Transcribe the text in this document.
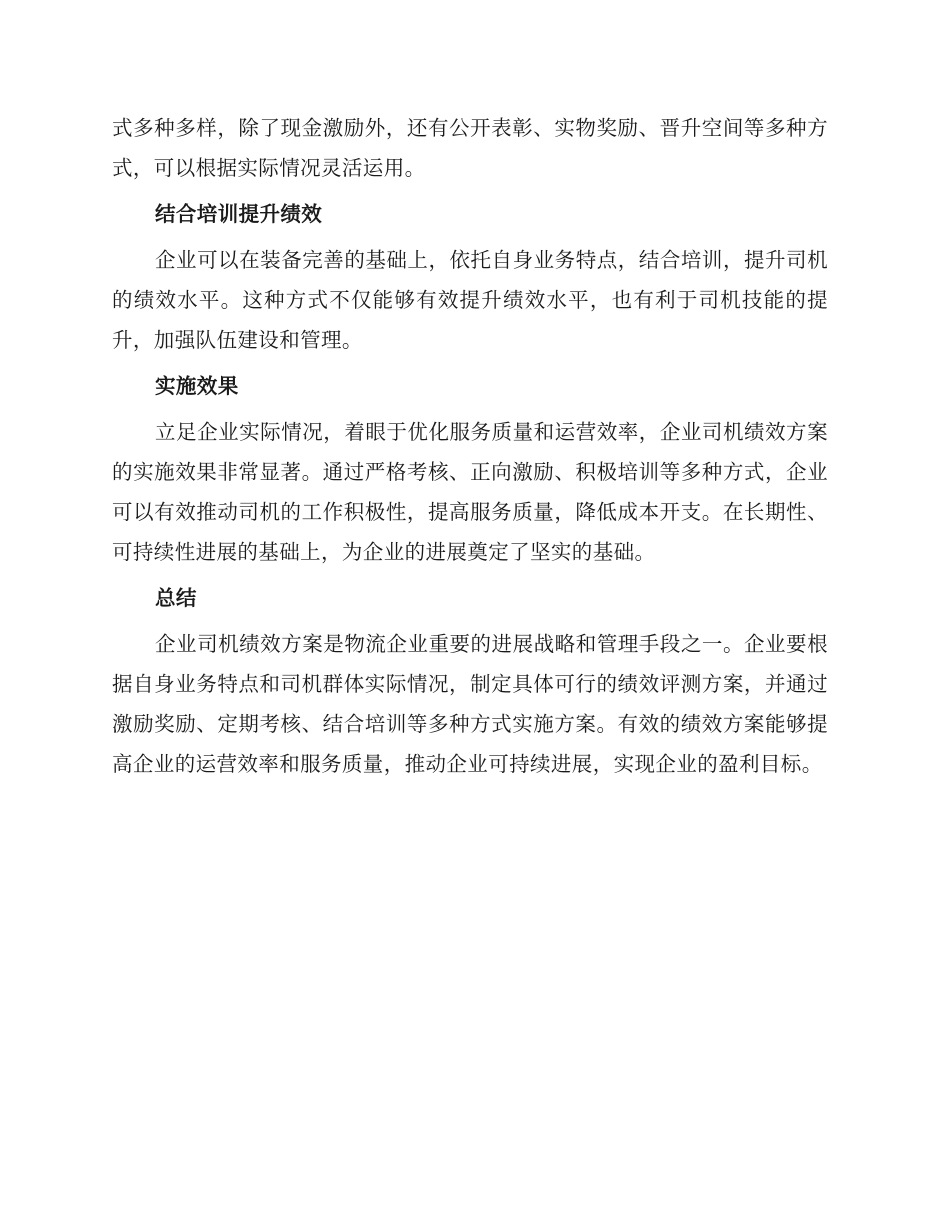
式多种多样，除了现金激励外，还有公开表彰、实物奖励、晋升空间等多种方式，可以根据实际情况灵活运用。

结合培训提升绩效

企业可以在装备完善的基础上，依托自身业务特点，结合培训，提升司机的绩效水平。这种方式不仅能够有效提升绩效水平，也有利于司机技能的提升，加强队伍建设和管理。

实施效果

立足企业实际情况，着眼于优化服务质量和运营效率，企业司机绩效方案的实施效果非常显著。通过严格考核、正向激励、积极培训等多种方式，企业可以有效推动司机的工作积极性，提高服务质量，降低成本开支。在长期性、可持续性进展的基础上，为企业的进展奠定了坚实的基础。

总结

企业司机绩效方案是物流企业重要的进展战略和管理手段之一。企业要根据自身业务特点和司机群体实际情况，制定具体可行的绩效评测方案，并通过激励奖励、定期考核、结合培训等多种方式实施方案。有效的绩效方案能够提高企业的运营效率和服务质量，推动企业可持续进展，实现企业的盈利目标。
